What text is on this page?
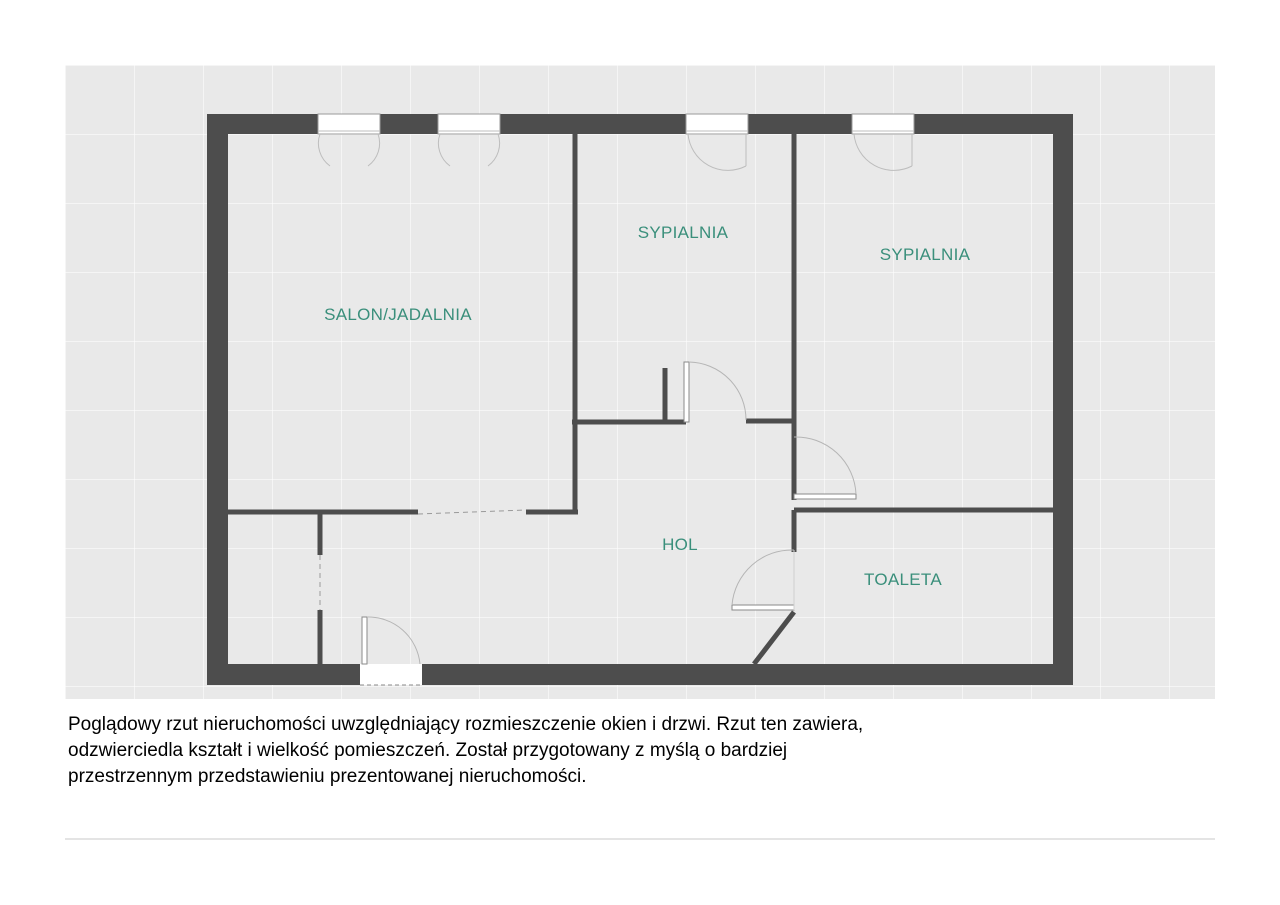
SALON/JADALNIA
SYPIALNIA
SYPIALNIA
HOL
TOALETA
Poglądowy rzut nieruchomości uwzględniający rozmieszczenie okien i drzwi. Rzut ten zawiera,
odzwierciedla kształt i wielkość pomieszczeń. Został przygotowany z myślą o bardziej
przestrzennym przedstawieniu prezentowanej nieruchomości.
